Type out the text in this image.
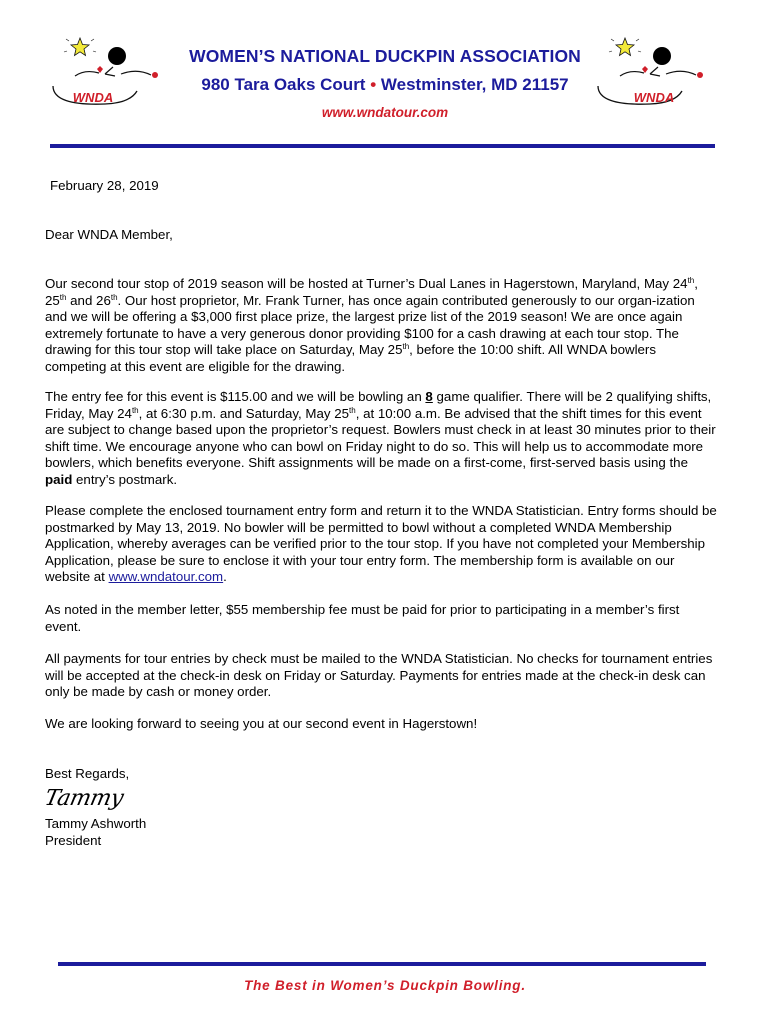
WNDA	WNDA
WOMEN’S NATIONAL DUCKPIN ASSOCIATION
980 Tara Oaks Court • Westminster, MD 21157
www.wndatour.com
February 28, 2019
Dear WNDA Member,

Our second tour stop of 2019 season will be hosted at Turner’s Dual Lanes in Hagerstown, Maryland, May 24th, 25th and 26th. Our host proprietor, Mr. Frank Turner, has once again contributed generously to our organ-ization and we will be offering a $3,000 first place prize, the largest prize list of the 2019 season! We are once again extremely fortunate to have a very generous donor providing $100 for a cash drawing at each tour stop. The drawing for this tour stop will take place on Saturday, May 25th, before the 10:00 shift. All WNDA bowlers competing at this event are eligible for the drawing.

The entry fee for this event is $115.00 and we will be bowling an 8 game qualifier. There will be 2 qualifying shifts, Friday, May 24th, at 6:30 p.m. and Saturday, May 25th, at 10:00 a.m. Be advised that the shift times for this event are subject to change based upon the proprietor’s request. Bowlers must check in at least 30 minutes prior to their shift time. We encourage anyone who can bowl on Friday night to do so. This will help us to accommodate more bowlers, which benefits everyone. Shift assignments will be made on a first-come, first-served basis using the paid entry’s postmark.

Please complete the enclosed tournament entry form and return it to the WNDA Statistician. Entry forms should be postmarked by May 13, 2019. No bowler will be permitted to bowl without a completed WNDA Membership Application, whereby averages can be verified prior to the tour stop. If you have not completed your Membership Application, please be sure to enclose it with your tour entry form. The membership form is available on our website at www.wndatour.com.

As noted in the member letter, $55 membership fee must be paid for prior to participating in a member’s first event.
All payments for tour entries by check must be mailed to the WNDA Statistician. No checks for tournament entries will be accepted at the check-in desk on Friday or Saturday. Payments for entries made at the check-in desk can only be made by cash or money order.
We are looking forward to seeing you at our second event in Hagerstown!
Best Regards,
Tammy
Tammy Ashworth
President
The Best in Women’s Duckpin Bowling.
